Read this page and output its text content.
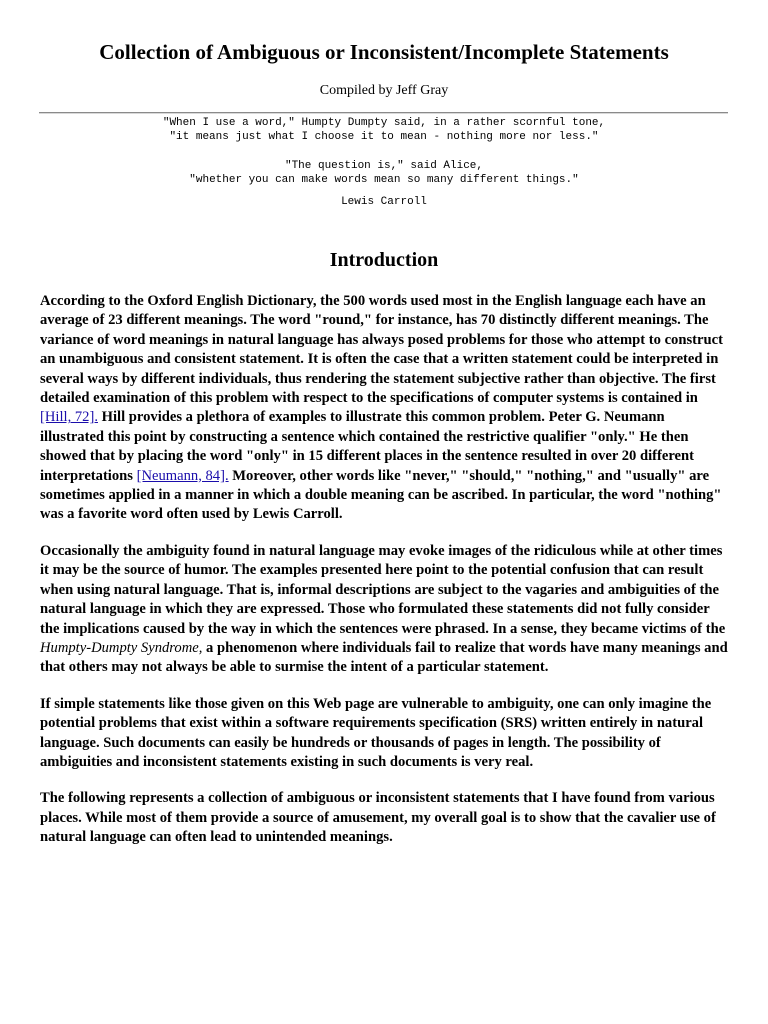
Collection of Ambiguous or Inconsistent/Incomplete Statements
Compiled by Jeff Gray
"When I use a word," Humpty Dumpty said, in a rather scornful tone,
"it means just what I choose it to mean - nothing more nor less."
"The question is," said Alice,
"whether you can make words mean so many different things."
Lewis Carroll
Introduction

According to the Oxford English Dictionary, the 500 words used most in the English language each have an average of 23 different meanings. The word "round," for instance, has 70 distinctly different meanings. The variance of word meanings in natural language has always posed problems for those who attempt to construct an unambiguous and consistent statement. It is often the case that a written statement could be interpreted in several ways by different individuals, thus rendering the statement subjective rather than objective. The first detailed examination of this problem with respect to the specifications of computer systems is contained in [Hill, 72]. Hill provides a plethora of examples to illustrate this common problem. Peter G. Neumann illustrated this point by constructing a sentence which contained the restrictive qualifier "only." He then showed that by placing the word "only" in 15 different places in the sentence resulted in over 20 different interpretations [Neumann, 84]. Moreover, other words like "never," "should," "nothing," and "usually" are sometimes applied in a manner in which a double meaning can be ascribed. In particular, the word "nothing" was a favorite word often used by Lewis Carroll.

Occasionally the ambiguity found in natural language may evoke images of the ridiculous while at other times it may be the source of humor. The examples presented here point to the potential confusion that can result when using natural language. That is, informal descriptions are subject to the vagaries and ambiguities of the natural language in which they are expressed. Those who formulated these statements did not fully consider the implications caused by the way in which the sentences were phrased. In a sense, they became victims of the Humpty-Dumpty Syndrome, a phenomenon where individuals fail to realize that words have many meanings and that others may not always be able to surmise the intent of a particular statement.

If simple statements like those given on this Web page are vulnerable to ambiguity, one can only imagine the potential problems that exist within a software requirements specification (SRS) written entirely in natural language. Such documents can easily be hundreds or thousands of pages in length. The possibility of ambiguities and inconsistent statements existing in such documents is very real.

The following represents a collection of ambiguous or inconsistent statements that I have found from various places. While most of them provide a source of amusement, my overall goal is to show that the cavalier use of natural language can often lead to unintended meanings.
